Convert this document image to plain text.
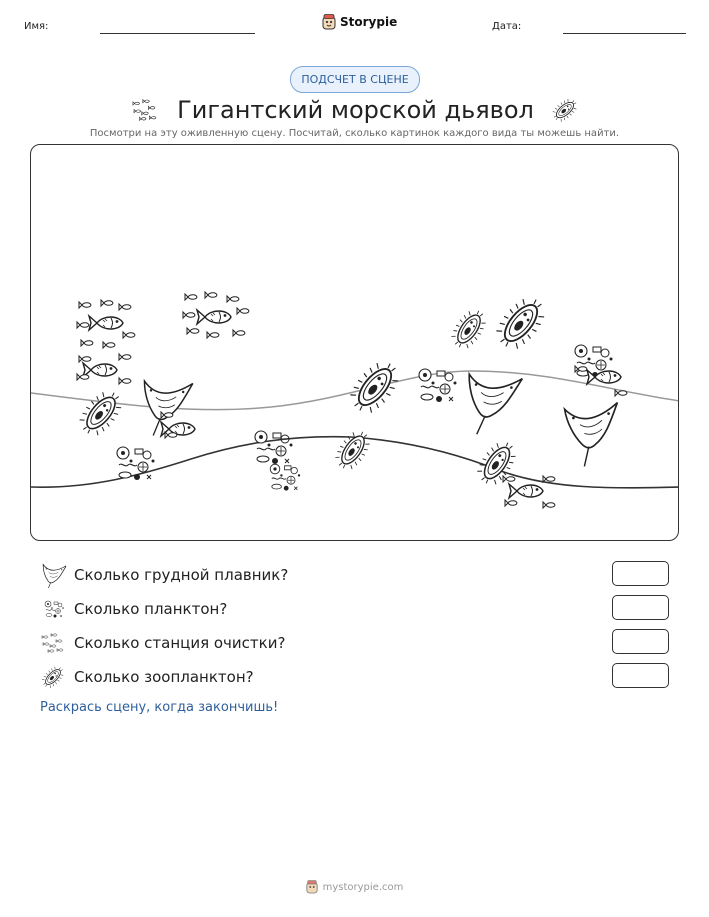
Имя:	Storypie	Дата:
ПОДСЧЕТ В СЦЕНЕ
Гигантский морской дьявол
Посмотри на эту оживленную сцену. Посчитай, сколько картинок каждого вида ты можешь найти.
Сколько грудной плавник?
Сколько планктон?
Сколько станция очистки?
Сколько зоопланктон?
Раскрась сцену, когда закончишь!
mystorypie.com
